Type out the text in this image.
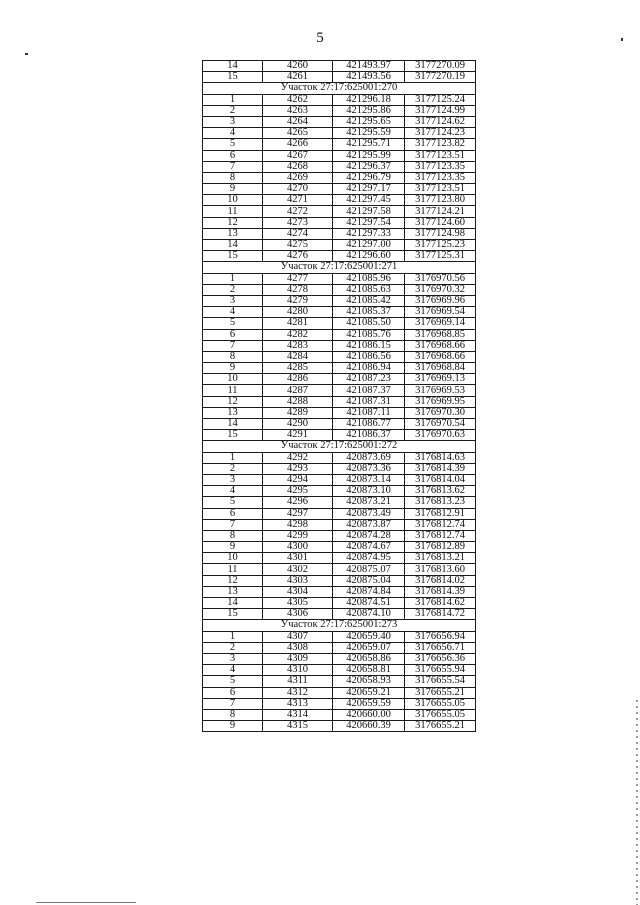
5
14	4260	421493.97	3177270.09
15	4261	421493.56	3177270.19
Участок 27:17:625001:270			
1	4262	421296.18	3177125.24
2	4263	421295.86	3177124.99
3	4264	421295.65	3177124.62
4	4265	421295.59	3177124.23
5	4266	421295.71	3177123.82
6	4267	421295.99	3177123.51
7	4268	421296.37	3177123.35
8	4269	421296.79	3177123.35
9	4270	421297.17	3177123.51
10	4271	421297.45	3177123.80
11	4272	421297.58	3177124.21
12	4273	421297.54	3177124.60
13	4274	421297.33	3177124.98
14	4275	421297.00	3177125.23
15	4276	421296.60	3177125.31
Участок 27:17:625001:271			
1	4277	421085.96	3176970.56
2	4278	421085.63	3176970.32
3	4279	421085.42	3176969.96
4	4280	421085.37	3176969.54
5	4281	421085.50	3176969.14
6	4282	421085.76	3176968.85
7	4283	421086.15	3176968.66
8	4284	421086.56	3176968.66
9	4285	421086.94	3176968.84
10	4286	421087.23	3176969.13
11	4287	421087.37	3176969.53
12	4288	421087.31	3176969.95
13	4289	421087.11	3176970.30
14	4290	421086.77	3176970.54
15	4291	421086.37	3176970.63
Участок 27:17:625001:272			
1	4292	420873.69	3176814.63
2	4293	420873.36	3176814.39
3	4294	420873.14	3176814.04
4	4295	420873.10	3176813.62
5	4296	420873.21	3176813.23
6	4297	420873.49	3176812.91
7	4298	420873.87	3176812.74
8	4299	420874.28	3176812.74
9	4300	420874.67	3176812.89
10	4301	420874.95	3176813.21
11	4302	420875.07	3176813.60
12	4303	420875.04	3176814.02
13	4304	420874.84	3176814.39
14	4305	420874.51	3176814.62
15	4306	420874.10	3176814.72
Участок 27:17:625001:273			
1	4307	420659.40	3176656.94
2	4308	420659.07	3176656.71
3	4309	420658.86	3176656.36
4	4310	420658.81	3176655.94
5	4311	420658.93	3176655.54
6	4312	420659.21	3176655.21
7	4313	420659.59	3176655.05
8	4314	420660.00	3176655.05
9	4315	420660.39	3176655.21
